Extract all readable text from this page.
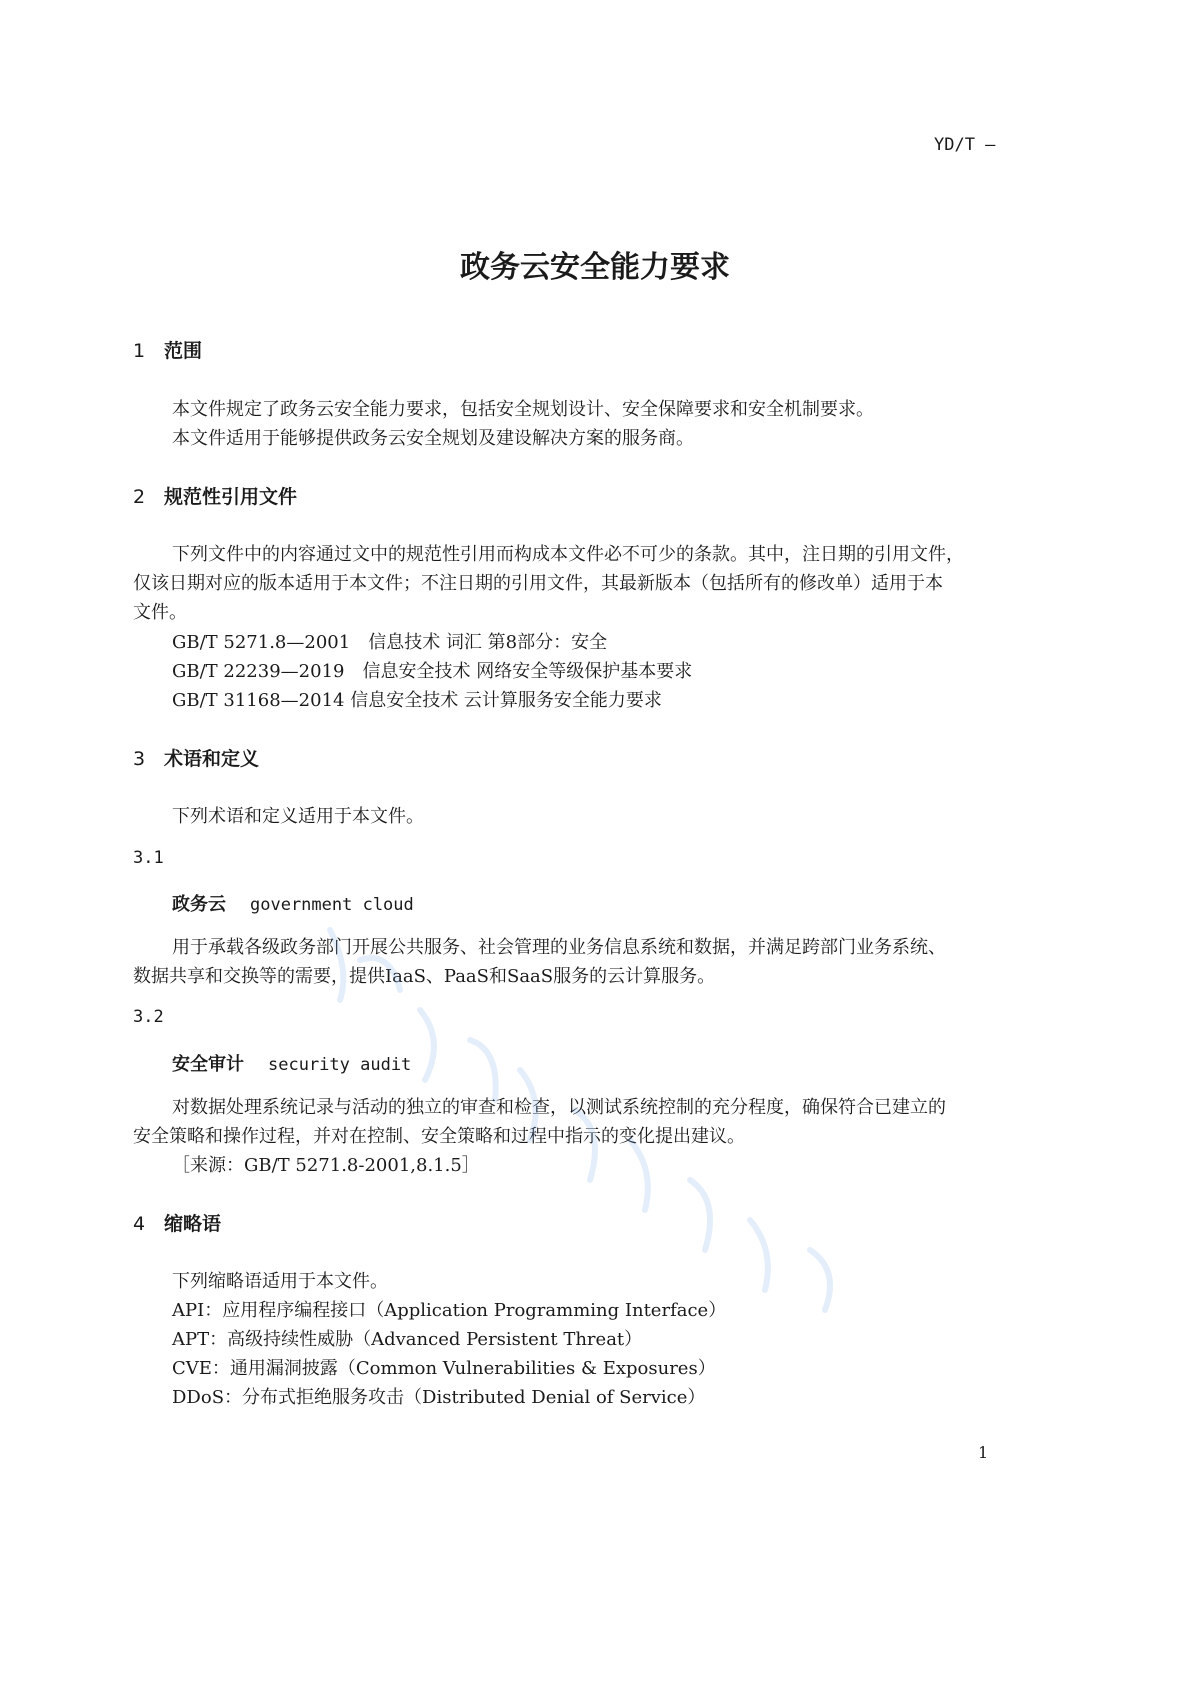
YD/T —
政务云安全能力要求
1 范围
本文件规定了政务云安全能力要求，包括安全规划设计、安全保障要求和安全机制要求。
本文件适用于能够提供政务云安全规划及建设解决方案的服务商。
2 规范性引用文件
下列文件中的内容通过文中的规范性引用而构成本文件必不可少的条款。其中，注日期的引用文件，
仅该日期对应的版本适用于本文件；不注日期的引用文件，其最新版本（包括所有的修改单）适用于本
文件。
GB/T 5271.8—2001　信息技术 词汇 第8部分：安全
GB/T 22239—2019　信息安全技术 网络安全等级保护基本要求
GB/T 31168—2014 信息安全技术 云计算服务安全能力要求
3 术语和定义
下列术语和定义适用于本文件。
3.1
政务云 government cloud
用于承载各级政务部门开展公共服务、社会管理的业务信息系统和数据，并满足跨部门业务系统、
数据共享和交换等的需要，提供IaaS、PaaS和SaaS服务的云计算服务。
3.2
安全审计 security audit
对数据处理系统记录与活动的独立的审查和检查，以测试系统控制的充分程度，确保符合已建立的
安全策略和操作过程，并对在控制、安全策略和过程中指示的变化提出建议。
［来源：GB/T 5271.8-2001,8.1.5］
4 缩略语
下列缩略语适用于本文件。
API：应用程序编程接口（Application Programming Interface）
APT：高级持续性威胁（Advanced Persistent Threat）
CVE：通用漏洞披露（Common Vulnerabilities & Exposures）
DDoS：分布式拒绝服务攻击（Distributed Denial of Service）
1
